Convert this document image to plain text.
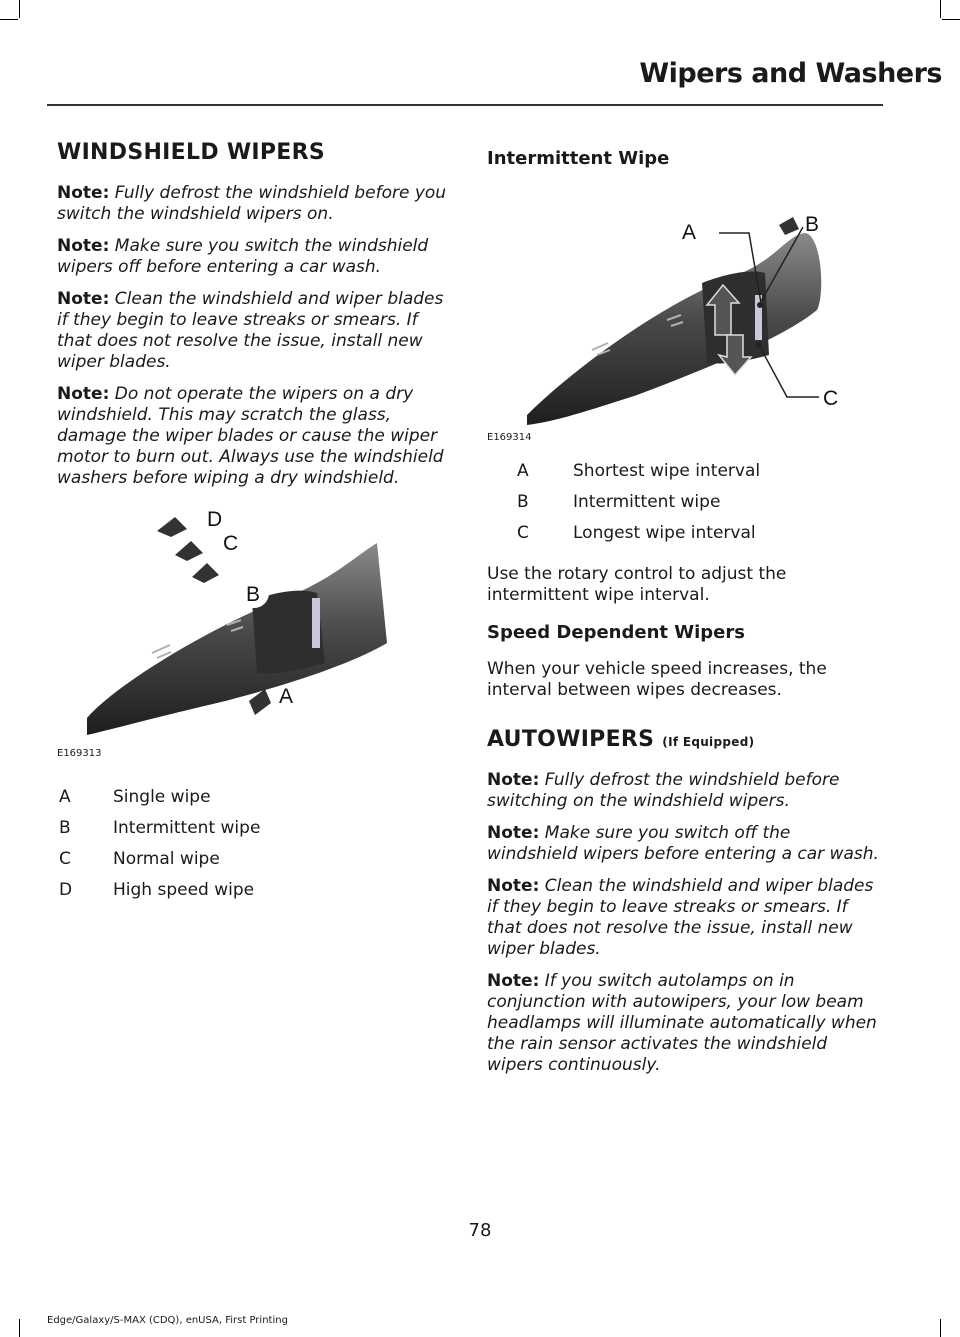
Wipers and Washers
WINDSHIELD WIPERS

Note: Fully defrost the windshield before you switch the windshield wipers on.

Note: Make sure you switch the windshield wipers off before entering a car wash.

Note: Clean the windshield and wiper blades if they begin to leave streaks or smears. If that does not resolve the issue, install new wiper blades.

Note: Do not operate the wipers on a dry windshield. This may scratch the glass, damage the wiper blades or cause the wiper motor to burn out. Always use the windshield washers before wiping a dry windshield.

D
C
B
A
E169313
A	Single wipe
B	Intermittent wipe
C	Normal wipe
D	High speed wipe
Intermittent Wipe
A	B
C
E169314
A	Shortest wipe interval
B	Intermittent wipe
C	Longest wipe interval

Use the rotary control to adjust the intermittent wipe interval.

Speed Dependent Wipers

When your vehicle speed increases, the interval between wipes decreases.

AUTOWIPERS (If Equipped)

Note: Fully defrost the windshield before switching on the windshield wipers.

Note: Make sure you switch off the windshield wipers before entering a car wash.

Note: Clean the windshield and wiper blades if they begin to leave streaks or smears. If that does not resolve the issue, install new wiper blades.

Note: If you switch autolamps on in conjunction with autowipers, your low beam headlamps will illuminate automatically when the rain sensor activates the windshield wipers continuously.

78
Edge/Galaxy/S-MAX (CDQ), enUSA, First Printing
